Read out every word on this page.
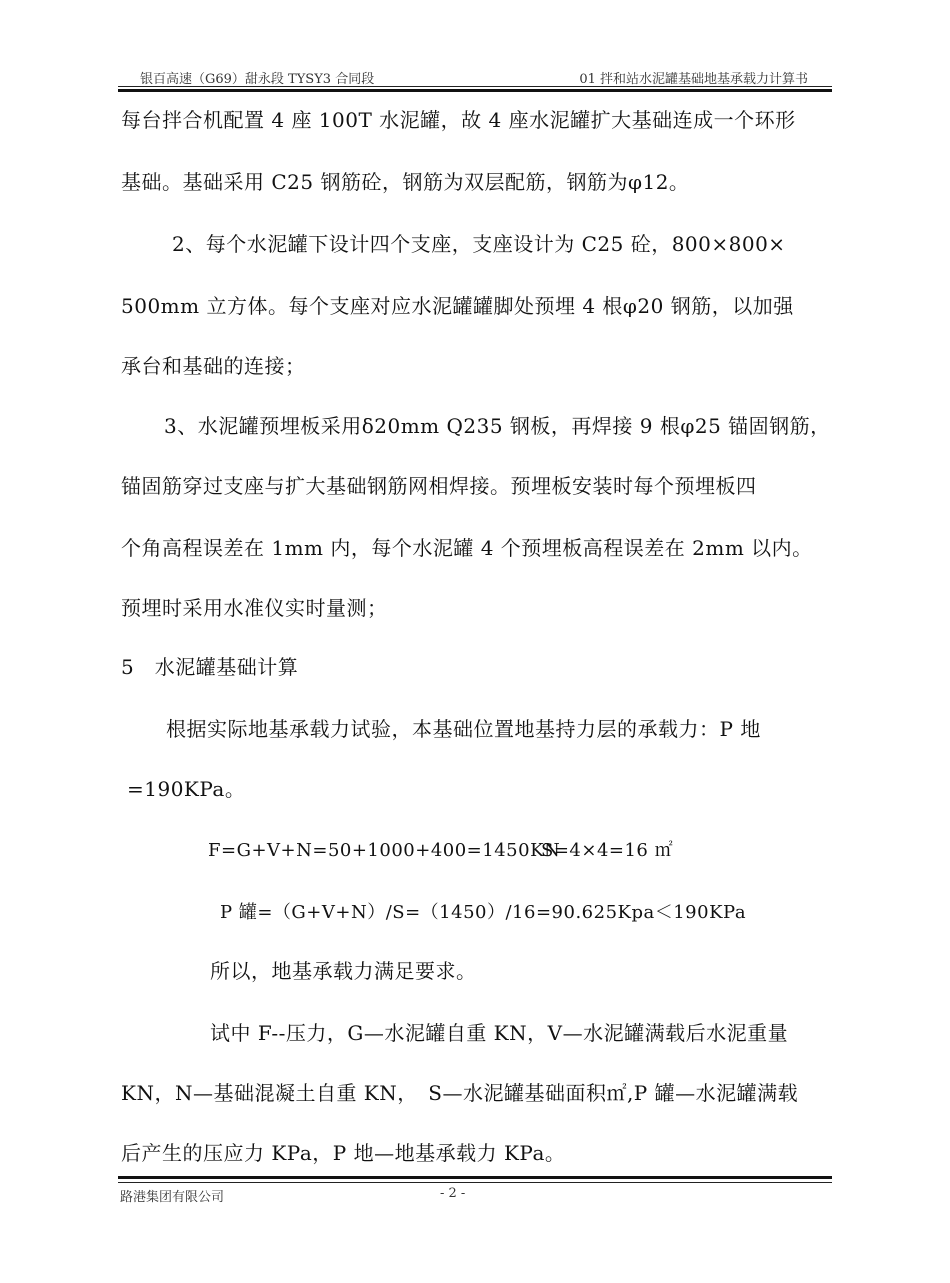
银百高速（G69）甜永段 TYSY3 合同段	01 拌和站水泥罐基础地基承载力计算书
每台拌合机配置 4 座 100T 水泥罐，故 4 座水泥罐扩大基础连成一个环形
基础。基础采用 C25 钢筋砼，钢筋为双层配筋，钢筋为φ12。
2、每个水泥罐下设计四个支座，支座设计为 C25 砼，800×800×
500mm 立方体。每个支座对应水泥罐罐脚处预埋 4 根φ20 钢筋，以加强
承台和基础的连接；
3、水泥罐预埋板采用δ20mm Q235 钢板，再焊接 9 根φ25 锚固钢筋，
锚固筋穿过支座与扩大基础钢筋网相焊接。预埋板安装时每个预埋板四
个角高程误差在 1mm 内，每个水泥罐 4 个预埋板高程误差在 2mm 以内。
预埋时采用水准仪实时量测；
5　水泥罐基础计算
根据实际地基承载力试验，本基础位置地基持力层的承载力：P 地
=190KPa。
F=G+V+N=50+1000+400=1450KN
S=4×4=16 ㎡
P 罐=（G+V+N）/S=（1450）/16=90.625Kpa＜190KPa
所以，地基承载力满足要求。
试中 F--压力，G—水泥罐自重 KN，V—水泥罐满载后水泥重量
KN，N—基础混凝土自重 KN，　S—水泥罐基础面积㎡,P 罐—水泥罐满载
后产生的压应力 KPa，P 地—地基承载力 KPa。
路港集团有限公司	- 2 -
